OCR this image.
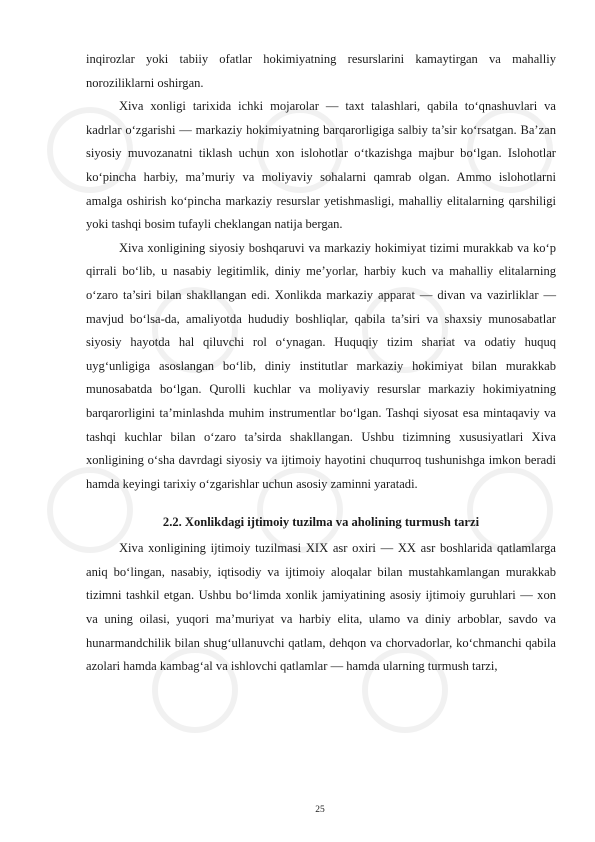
inqirozlar yoki tabiiy ofatlar hokimiyatning resurslarini kamaytirgan va mahalliy noroziliklarni oshirgan.

Xiva xonligi tarixida ichki mojarolar — taxt talashlari, qabila to‘qnashuvlari va kadrlar o‘zgarishi — markaziy hokimiyatning barqarorligiga salbiy ta’sir ko‘rsatgan. Ba’zan siyosiy muvozanatni tiklash uchun xon islohotlar o‘tkazishga majbur bo‘lgan. Islohotlar ko‘pincha harbiy, ma’muriy va moliyaviy sohalarni qamrab olgan. Ammo islohotlarni amalga oshirish ko‘pincha markaziy resurslar yetishmasligi, mahalliy elitalarning qarshiligi yoki tashqi bosim tufayli cheklangan natija bergan.

Xiva xonligining siyosiy boshqaruvi va markaziy hokimiyat tizimi murakkab va ko‘p qirrali bo‘lib, u nasabiy legitimlik, diniy me’yorlar, harbiy kuch va mahalliy elitalarning o‘zaro ta’siri bilan shakllangan edi. Xonlikda markaziy apparat — divan va vazirliklar — mavjud bo‘lsa-da, amaliyotda hududiy boshliqlar, qabila ta’siri va shaxsiy munosabatlar siyosiy hayotda hal qiluvchi rol o‘ynagan. Huquqiy tizim shariat va odatiy huquq uyg‘unligiga asoslangan bo‘lib, diniy institutlar markaziy hokimiyat bilan murakkab munosabatda bo‘lgan. Qurolli kuchlar va moliyaviy resurslar markaziy hokimiyatning barqarorligini ta’minlashda muhim instrumentlar bo‘lgan. Tashqi siyosat esa mintaqaviy va tashqi kuchlar bilan o‘zaro ta’sirda shakllangan. Ushbu tizimning xususiyatlari Xiva xonligining o‘sha davrdagi siyosiy va ijtimoiy hayotini chuqurroq tushunishga imkon beradi hamda keyingi tarixiy o‘zgarishlar uchun asosiy zaminni yaratadi.

2.2. Xonlikdagi ijtimoiy tuzilma va aholining turmush tarzi

Xiva xonligining ijtimoiy tuzilmasi XIX asr oxiri — XX asr boshlarida qatlamlarga aniq bo‘lingan, nasabiy, iqtisodiy va ijtimoiy aloqalar bilan mustahkamlangan murakkab tizimni tashkil etgan. Ushbu bo‘limda xonlik jamiyatining asosiy ijtimoiy guruhlari — xon va uning oilasi, yuqori ma’muriyat va harbiy elita, ulamo va diniy arboblar, savdo va hunarmandchilik bilan shug‘ullanuvchi qatlam, dehqon va chorvadorlar, ko‘chmanchi qabila azolari hamda kambag‘al va ishlovchi qatlamlar — hamda ularning turmush tarzi,

25
